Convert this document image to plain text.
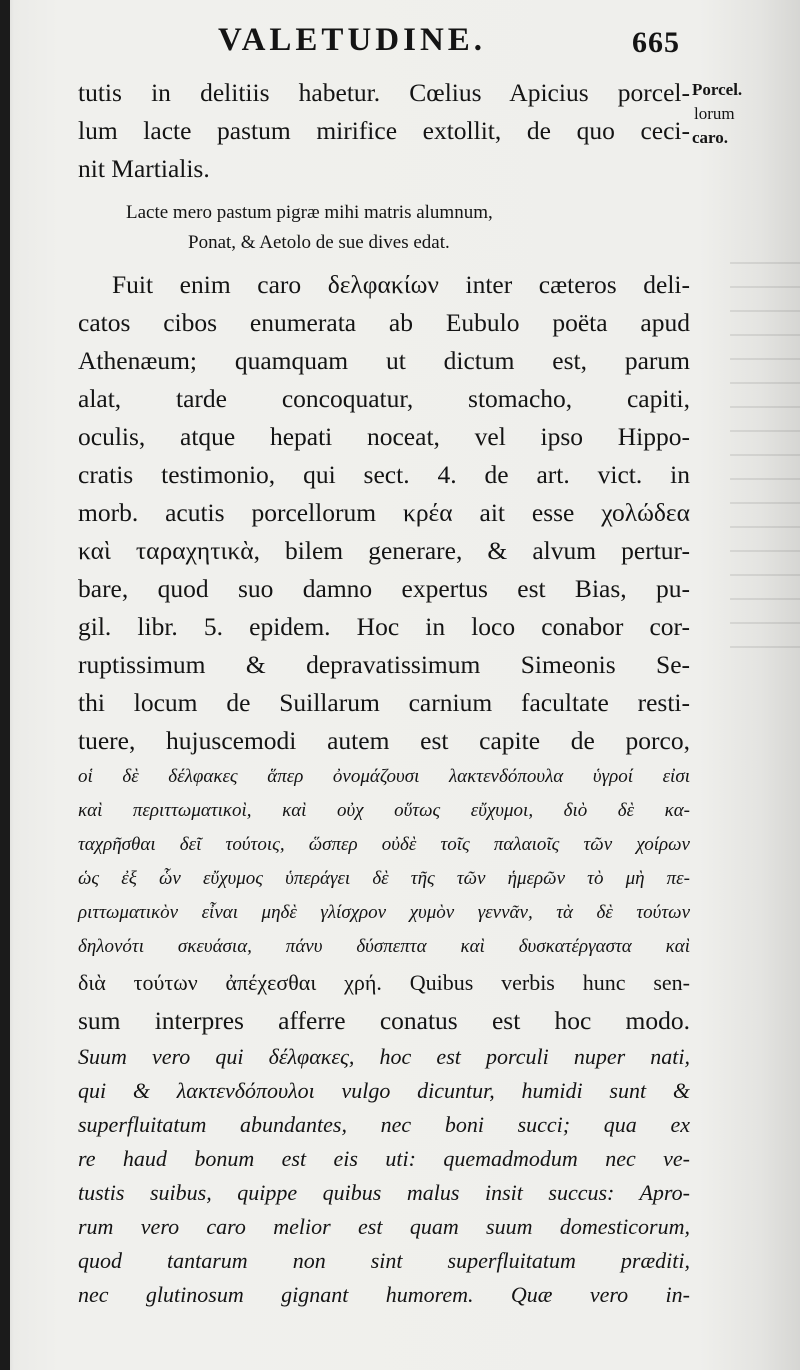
VALETUDINE.	665
Porcel.
lorum
caro.
tutis in delitiis habetur. Cœlius Apicius porcel-
lum lacte pastum mirifice extollit, de quo ceci-
nit Martialis.
Lacte mero pastum pigræ mihi matris alumnum,
Ponat, & Aetolo de sue dives edat.
Fuit enim caro δελφακίων inter cæteros deli-
catos cibos enumerata ab Eubulo poëta apud
Athenæum; quamquam ut dictum est, parum
alat, tarde concoquatur, stomacho, capiti,
oculis, atque hepati noceat, vel ipso Hippo-
cratis testimonio, qui sect. 4. de art. vict. in
morb. acutis porcellorum κρέα ait esse χολώδεα
καὶ ταραχητικὰ, bilem generare, & alvum pertur-
bare, quod suo damno expertus est Bias, pu-
gil. libr. 5. epidem. Hoc in loco conabor cor-
ruptissimum & depravatissimum Simeonis Se-
thi locum de Suillarum carnium facultate resti-
tuere, hujuscemodi autem est capite de porco,
οἱ δὲ δέλφακες ἅπερ ὀνομάζουσι λακτενδόπουλα ὑγροί εἰσι
καὶ περιττωματικοὶ, καὶ οὐχ οὕτως εὔχυμοι, διὸ δὲ κα-
ταχρῆσθαι δεῖ τούτοις, ὥσπερ οὐδὲ τοῖς παλαιοῖς τῶν χοίρων
ὡς ἐξ ὧν εὔχυμος ὑπεράγει δὲ τῆς τῶν ἡμερῶν τὸ μὴ πε-
ριττωματικὸν εἶναι μηδὲ γλίσχρον χυμὸν γεννᾶν, τὰ δὲ τούτων
δηλονότι σκευάσια, πάνυ δύσπεπτα καὶ δυσκατέργαστα καὶ
διὰ τούτων ἀπέχεσθαι χρή. Quibus verbis hunc sen-
sum interpres afferre conatus est hoc modo.
Suum vero qui δέλφακες, hoc est porculi nuper nati,
qui & λακτενδόπουλοι vulgo dicuntur, humidi sunt &
superfluitatum abundantes, nec boni succi; qua ex
re haud bonum est eis uti: quemadmodum nec ve-
tustis suibus, quippe quibus malus insit succus: Apro-
rum vero caro melior est quam suum domesticorum,
quod tantarum non sint superfluitatum præditi,
nec glutinosum gignant humorem. Quæ vero in-
